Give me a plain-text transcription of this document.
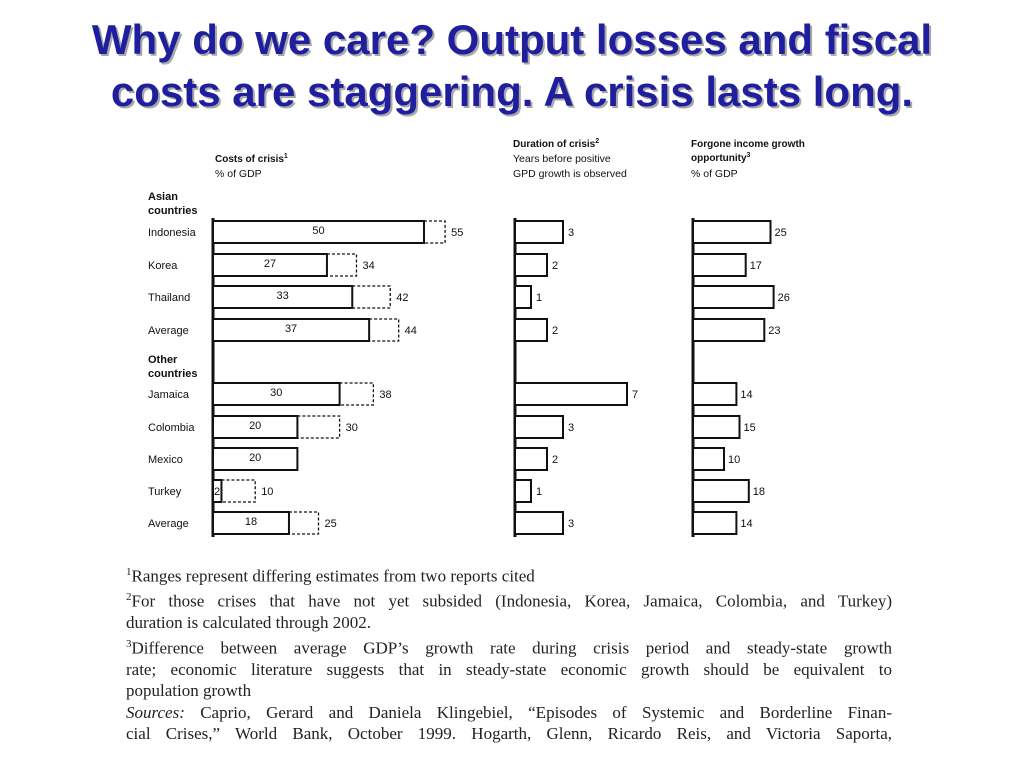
Why do we care? Output losses and fiscal
costs are staggering. A crisis lasts long.
Indonesia
Korea
Thailand
Average
Jamaica
Colombia
Mexico
Turkey
Average
Asian
countries
Other
countries
Costs of crisis$^1$
% of GDP
55
50
34
27
42
33
44
37
38
30
30
20
20
10
2
25
18
Duration of crisis$^2$
Years before positive
GPD growth is observed
3
2
1
2
7
3
2
1
3
Forgone income growth
opportunity$^3$
% of GDP
25
17
26
23
14
15
10
18
14

$^1$Ranges represent differing estimates from two reports cited

$^2$For those crises that have not yet subsided (Indonesia, Korea, Jamaica, Colombia, and Turkey)

duration is calculated through 2002.

$^3$Difference between average GDP’s growth rate during crisis period and steady-state growth

rate; economic literature suggests that in steady-state economic growth should be equivalent to

population growth

Sources: Caprio, Gerard and Daniela Klingebiel, “Episodes of Systemic and Borderline Finan-

cial Crises,” World Bank, October 1999. Hogarth, Glenn, Ricardo Reis, and Victoria Saporta,
